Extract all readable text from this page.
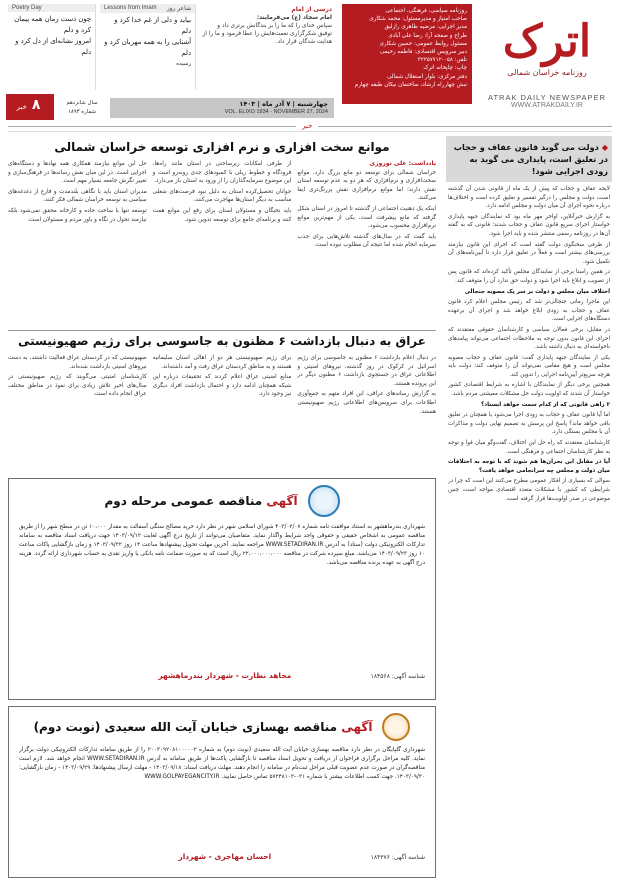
اترک
روزنامه خراسان شمالی
ATRAK DAILY NEWSPAPER
WWW.ATRAKDAILY.IR
روزنامه سیاسی، فرهنگی، اجتماعی
صاحب امتیاز و مدیرمسئول: محمد شکاری
مدیر اجرایی: مرضیه طاهری رازلیق
طراح و صفحه آرا: رضا علی آبادی
مسئول روابط عمومی: حسین شکاری
دبیر سرویس اقتصادی: فاطمه رحیمی
تلفن: ۰۵۸-۳۲۲۵۷۷۱۲
چاپ: چاپخانه اترک
دفتر مرکزی: بلوار استقلال شمالی
نبش چهارراه ارشاد، ساختمان نیکان طبقه چهارم
درسی از امام
امام سجاد (ع) می‌فرمایند:
سپاس خدای را که ما را بر بندگانش برتری داد و توفیق شکرگزاری نعمت‌هایش را عطا فرمود و ما را از هدایت شدگان قرار داد.
Lessons from Imam شاعر روز
بیاید و دلی از غم خدا کرد و دلم
آشنایی را به همه مهربان کرد و دلم
رسیده
Poetry Day
چون دست زمان همه پیمان کرد و دلم
امروز نشانه‌ای از دل کرد و دلم
چهارشنبه | ۷ آذر ماه | ۱۴۰۳
VOL. ELIXO 1934 · NOVEMBER 27, 2024
سال شانزدهم
شماره ۱۸۹۳
۸ خبر
خبر
◆ دولت می گوید قانون عفاف و حجاب در تعلیق است، پایداری می گوید به زودی اجرایی شود!

لایحه عفاف و حجاب که پیش از یک ماه از قانونی شدن آن گذشته است، دولت و مجلس را درگیر تفسیر و تعلیق کرده است و اختلاف‌ها درباره نحوه اجرای آن میان دولت و مجلس ادامه دارد.

به گزارش خبرآنلاین، اواخر مهر ماه بود که نمایندگان جبهه پایداری خواستار اجرای سریع قانون عفاف و حجاب شدند؛ قانونی که به گفته آن‌ها در روزنامه رسمی منتشر شده و باید اجرا شود.

از طرفی سخنگوی دولت گفته است که اجرای این قانون نیازمند بررسی‌های بیشتر است و فعلاً در تعلیق قرار دارد تا آیین‌نامه‌های آن تکمیل شود.

در همین راستا برخی از نمایندگان مجلس تأکید کرده‌اند که قانون پس از تصویب و ابلاغ باید اجرا شود و دولت حق ندارد آن را متوقف کند.

اختلاف میان مجلس و دولت بر سر یک مصوبه جنجالی

این ماجرا زمانی جنجالی‌تر شد که رئیس مجلس اعلام کرد قانون عفاف و حجاب به زودی ابلاغ خواهد شد و اجرای آن برعهده دستگاه‌های اجرایی است.

در مقابل، برخی فعالان سیاسی و کارشناسان حقوقی معتقدند که اجرای این قانون بدون توجه به ملاحظات اجتماعی می‌تواند پیامدهای ناخواسته‌ای به دنبال داشته باشد.

یکی از نمایندگان جبهه پایداری گفت: قانون عفاف و حجاب مصوبه مجلس است و هیچ مقامی نمی‌تواند آن را متوقف کند؛ دولت باید هرچه سریع‌تر آیین‌نامه اجرایی را تدوین کند.

همچنین برخی دیگر از نمایندگان با اشاره به شرایط اقتصادی کشور خواستار آن شدند که اولویت دولت حل مشکلات معیشتی مردم باشد.

۲ راهی قانونی که از کدام سمت خواهد ایستاد؟

اما آیا قانون عفاف و حجاب به زودی اجرا می‌شود یا همچنان در تعلیق باقی خواهد ماند؟ پاسخ این پرسش به تصمیم نهایی دولت و مذاکرات آن با مجلس بستگی دارد.

کارشناسان معتقدند که راه حل این اختلاف، گفت‌وگو میان قوا و توجه به نظر کارشناسان اجتماعی و فرهنگی است.

آیا در مقابل این بحران‌ها هم شوند که با توجه به اختلافات میان دولت و مجلس چه سرانجامی خواهد یافت؟

سوالی که بسیاری از افکار عمومی مطرح می‌کنند این است که چرا در شرایطی که کشور با مشکلات متعدد اقتصادی مواجه است، چنین موضوعی در صدر اولویت‌ها قرار گرفته است.

موانع سخت افزاری و نرم افزاری توسعه خراسان شمالی
یادداشت: علی نوروزی

خراسان شمالی برای توسعه دو مانع بزرگ دارد. موانع سخت‌افزاری و نرم‌افزاری که هر دو به عدم توسعه استان نقش دارند؛ اما موانع نرم‌افزاری نقش پررنگ‌تری ایفا می‌کنند.

اینکه یک ذهنیت اجتماعی از گذشته تا امروز در استان شکل گرفته که مانع پیشرفت است، یکی از مهم‌ترین موانع نرم‌افزاری محسوب می‌شود.

باید گفت که در سال‌های گذشته تلاش‌هایی برای جذب سرمایه انجام شده اما نتیجه آن مطلوب نبوده است.

از طرفی امکانات زیرساختی در استان مانند راه‌ها، فرودگاه و خطوط ریلی با کمبودهای جدی روبه‌رو است و این موضوع سرمایه‌گذاران را از ورود به استان باز می‌دارد.

جوانان تحصیل‌کرده استان به دلیل نبود فرصت‌های شغلی مناسب به دیگر استان‌ها مهاجرت می‌کنند.

باید نخبگان و مسئولان استان برای رفع این موانع همت کنند و برنامه‌ای جامع برای توسعه تدوین شود.

حل این موانع نیازمند همکاری همه نهادها و دستگاه‌های اجرایی است. در این میان نقش رسانه‌ها در فرهنگ‌سازی و تغییر نگرش جامعه بسیار مهم است.

مدیران استان باید با نگاهی بلندمدت و فارغ از دغدغه‌های سیاسی به توسعه خراسان شمالی فکر کنند.

توسعه تنها با ساخت جاده و کارخانه محقق نمی‌شود بلکه نیازمند تحول در نگاه و باور مردم و مسئولان است.

عراق به دنبال بازداشت ۶ مظنون به جاسوسی برای رژیم صهیونیستی

در دنبال اعلام بازداشت ۶ مظنون به جاسوسی برای رژیم اسرائیل در کرکوک در روز گذشته، نیروهای امنیتی و اطلاعاتی عراق در جستجوی بازداشت ۶ مظنون دیگر در این پرونده هستند.

به گزارش رسانه‌های عراقی، این افراد متهم به جمع‌آوری اطلاعات برای سرویس‌های اطلاعاتی رژیم صهیونیستی هستند.

برای رژیم صهیونیستی هر دو از اهالی استان سلیمانیه هستند و به مناطق کردستان عراق رفت و آمد داشته‌اند.

منابع امنیتی عراق اعلام کردند که تحقیقات درباره این شبکه همچنان ادامه دارد و احتمال بازداشت افراد دیگری نیز وجود دارد.

صهیونیستی که در کردستان عراق فعالیت داشتند، به دست نیروهای امنیتی بازداشت شده‌اند.

کارشناسان امنیتی می‌گویند که رژیم صهیونیستی در سال‌های اخیر تلاش زیادی برای نفوذ در مناطق مختلف عراق انجام داده است.

آگهی مناقصه عمومی مرحله دوم
شهرداری بندرماهشهر به استناد موافقت نامه شماره ۴۰۳/۰۲/۰۷ شورای اسلامی شهر در نظر دارد خرید مصالح سنگی آسفالت به مقدار ۱۰،۰۰۰ تن در سطح شهر را از طریق مناقصه عمومی به اشخاص حقیقی و حقوقی واجد شرایط واگذار نماید. متقاضیان می‌توانند از تاریخ درج آگهی لغایت ۱۴۰۳/۰۹/۱۲ جهت دریافت اسناد مناقصه به سامانه تدارکات الکترونیکی دولت (ستاد) به آدرس WWW.SETADIRAN.IR مراجعه نمایند. آخرین مهلت تحویل پیشنهادها ساعت ۱۴ روز ۱۴۰۳/۰۹/۲۲ و زمان بازگشایی پاکات ساعت ۱۰ روز ۱۴۰۳/۰۹/۲۳ می‌باشد. مبلغ سپرده شرکت در مناقصه ۲۲،۰۰۰،۰۰۰،۰۰۰ ریال است که به صورت ضمانت نامه بانکی یا واریز نقدی به حساب شهرداری ارائه گردد. هزینه درج آگهی به عهده برنده مناقصه می‌باشد.
شناسه آگهی: ۱۸۴۵۶۸
مجاهد نظارت - شهردار بندرماهشهر
آگهی مناقصه بهسازی خیابان آیت الله سعیدی (نوبت دوم)
شهرداری گلپایگان در نظر دارد مناقصه بهسازی خیابان آیت الله سعیدی (نوبت دوم) به شماره ۲۰۰۳۰۹۲۰۸۱۰۰۰۰۰۲ را از طریق سامانه تدارکات الکترونیکی دولت برگزار نماید. کلیه مراحل برگزاری فراخوان از دریافت و تحویل اسناد مناقصه تا بازگشایی پاکت‌ها از طریق سامانه به آدرس WWW.SETADIRAN.IR انجام خواهد شد. لازم است مناقصه‌گران در صورت عدم عضویت قبلی مراحل ثبت‌نام در سامانه را انجام دهند. مهلت دریافت اسناد: ۱۴۰۳/۰۹/۱۸ - مهلت ارسال پیشنهادها: ۱۴۰۳/۰۹/۲۹ - زمان بازگشایی: ۱۴۰۳/۰۹/۳۰. جهت کسب اطلاعات بیشتر با شماره ۰۳۱-۵۷۲۴۸۱۰۳ تماس حاصل نمایید. WWW.GOLPAYEGANCITY.IR
شناسه آگهی: ۱۸۴۳۷۶
احسان مهاجری - شهردار
